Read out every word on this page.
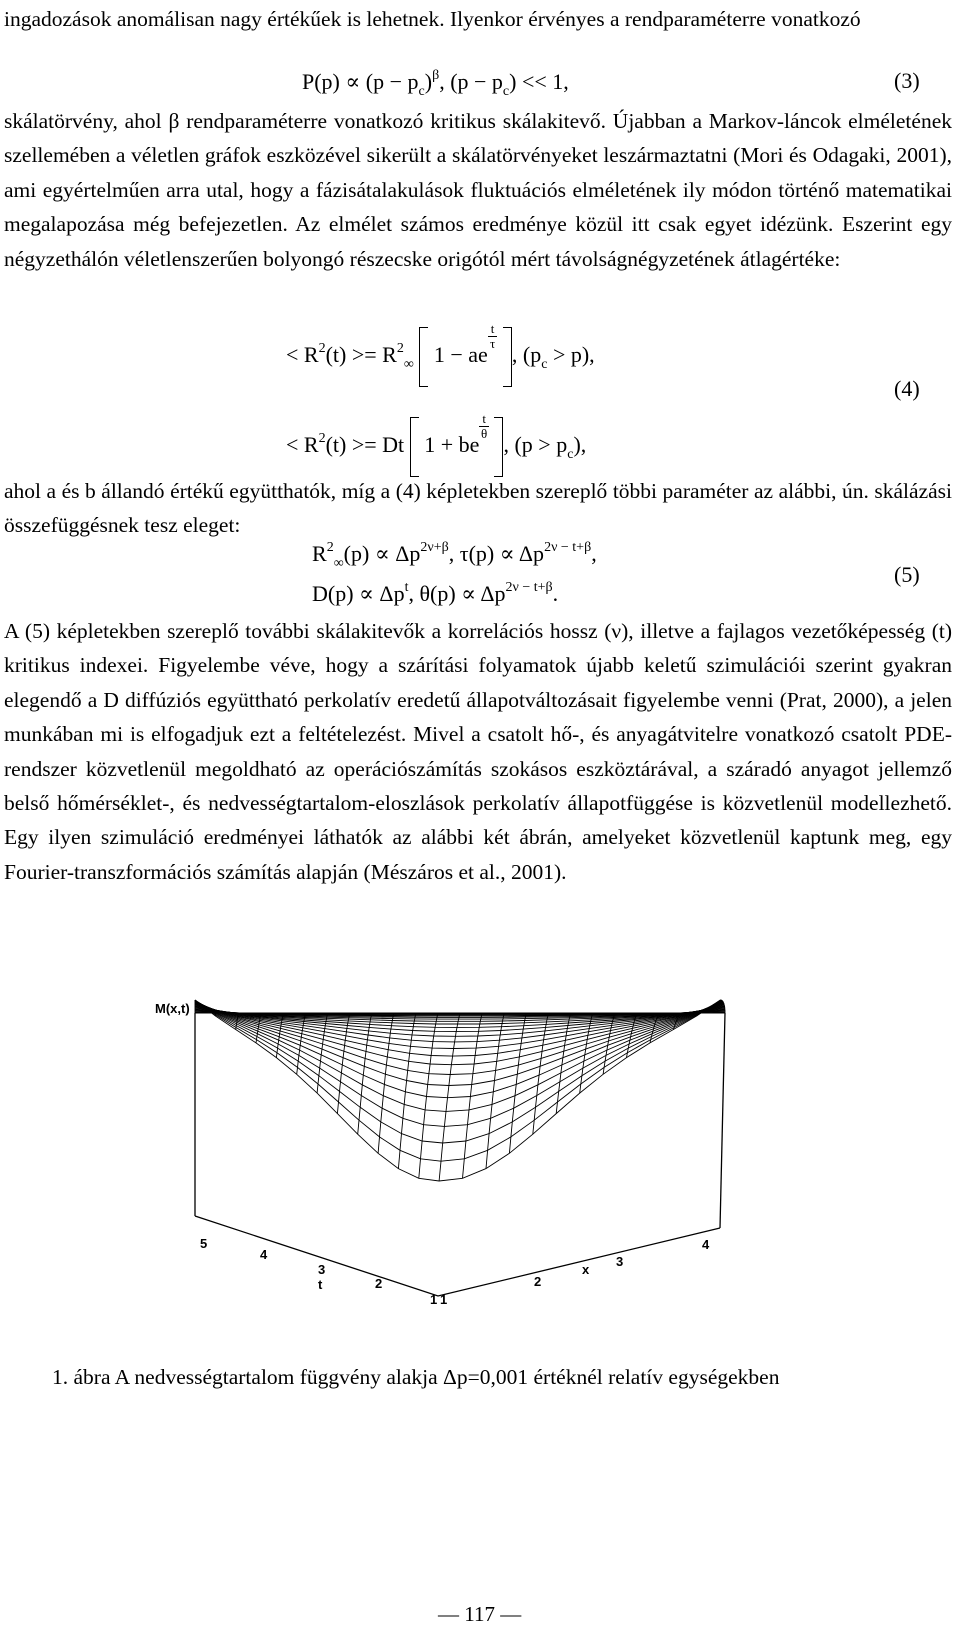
ingadozások anomálisan nagy értékűek is lehetnek. Ilyenkor érvényes a rendparaméterre vonatkozó

$P(p) \propto (p - p_c)^\beta$, $(p - p_c) << 1$,	(3)

skálatörvény, ahol β rendparaméterre vonatkozó kritikus skálakitevő. Újabban a Markov-láncok elméletének szellemében a véletlen gráfok eszközével sikerült a skálatörvényeket leszármaztatni (Mori és Odagaki, 2001), ami egyértelműen arra utal, hogy a fázisátalakulások fluktuációs elméletének ily módon történő matematikai megalapozása még befejezetlen. Az elmélet számos eredménye közül itt csak egyet idézünk. Eszerint egy négyzethálón véletlenszerűen bolyongó részecske origótól mért távolságnégyzetének átlagértéke:

< $R^2(t) >= R^2_\infty$ 1 − ae
$\frac{t}{\tau}$
, $(p_c > p)$,
< $R^2(t) >= Dt$ 1 + be
$\frac{t}{\theta}$
, $(p > p_c)$,
(4)

ahol a és b állandó értékű együtthatók, míg a (4) képletekben szereplő többi paraméter az alábbi, ún. skálázási összefüggésnek tesz eleget:

$R^2_\infty(p) \propto \Delta p^{2\nu+\beta}$, $\tau(p) \propto \Delta p^{2\nu - t+\beta}$,
$D(p) \propto \Delta p^t$, $\theta(p) \propto \Delta p^{2\nu - t+\beta}$.
(5)

A (5) képletekben szereplő további skálakitevők a korrelációs hossz (ν), illetve a fajlagos vezetőképesség (t) kritikus indexei. Figyelembe véve, hogy a szárítási folyamatok újabb keletű szimulációi szerint gyakran elegendő a D diffúziós együttható perkolatív eredetű állapotváltozásait figyelembe venni (Prat, 2000), a jelen munkában mi is elfogadjuk ezt a feltételezést. Mivel a csatolt hő-, és anyagátvitelre vonatkozó csatolt PDE-rendszer közvetlenül megoldható az operációszámítás szokásos eszköztárával, a száradó anyagot jellemző belső hőmérséklet-, és nedvességtartalom-eloszlások perkolatív állapotfüggése is közvetlenül modellezhető. Egy ilyen szimuláció eredményei láthatók az alábbi két ábrán, amelyeket közvetlenül kaptunk meg, egy Fourier-transzformációs számítás alapján (Mészáros et al., 2001).

M(x,t)
5
4
3
2
1
t
1
2
3
4
x
1. ábra A nedvességtartalom függvény alakja Δp=0,001 értéknél relatív egységekben
— 117 —
